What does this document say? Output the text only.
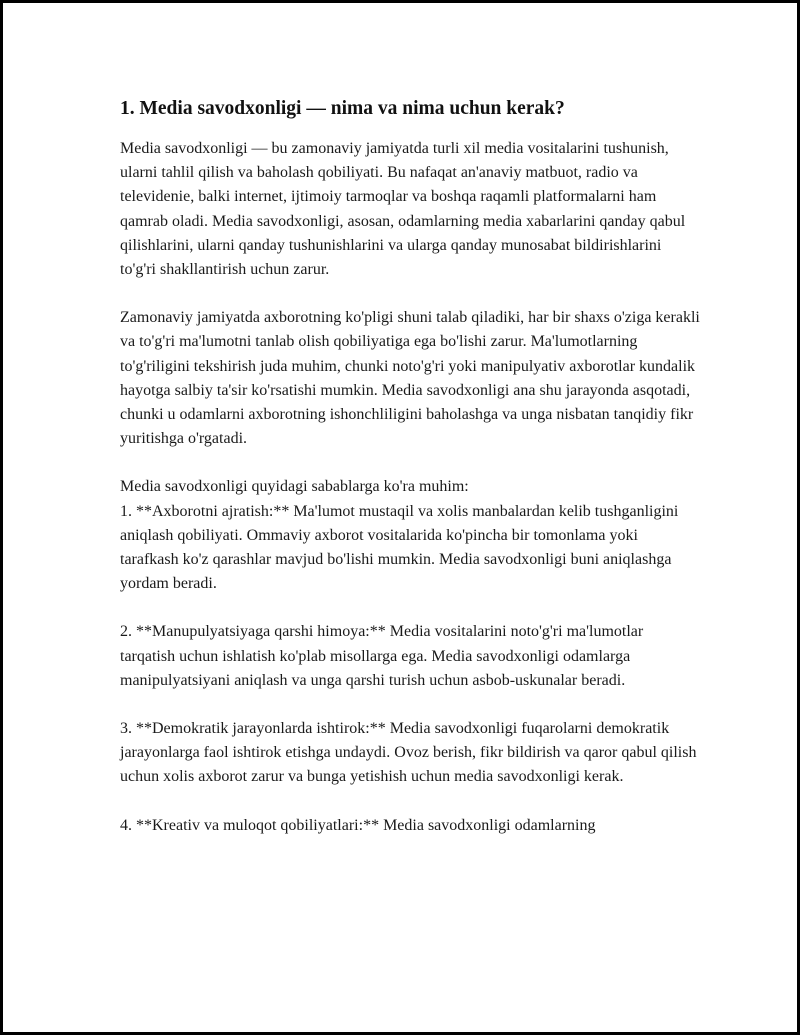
1. Media savodxonligi — nima va nima uchun kerak?

Media savodxonligi — bu zamonaviy jamiyatda turli xil media vositalarini tushunish, ularni tahlil qilish va baholash qobiliyati. Bu nafaqat an'anaviy matbuot, radio va televidenie, balki internet, ijtimoiy tarmoqlar va boshqa raqamli platformalarni ham qamrab oladi. Media savodxonligi, asosan, odamlarning media xabarlarini qanday qabul qilishlarini, ularni qanday tushunishlarini va ularga qanday munosabat bildirishlarini to'g'ri shakllantirish uchun zarur.

Zamonaviy jamiyatda axborotning ko'pligi shuni talab qiladiki, har bir shaxs o'ziga kerakli va to'g'ri ma'lumotni tanlab olish qobiliyatiga ega bo'lishi zarur. Ma'lumotlarning to'g'riligini tekshirish juda muhim, chunki noto'g'ri yoki manipulyativ axborotlar kundalik hayotga salbiy ta'sir ko'rsatishi mumkin. Media savodxonligi ana shu jarayonda asqotadi, chunki u odamlarni axborotning ishonchliligini baholashga va unga nisbatan tanqidiy fikr yuritishga o'rgatadi.

Media savodxonligi quyidagi sabablarga ko'ra muhim:
1. **Axborotni ajratish:** Ma'lumot mustaqil va xolis manbalardan kelib tushganligini aniqlash qobiliyati. Ommaviy axborot vositalarida ko'pincha bir tomonlama yoki tarafkash ko'z qarashlar mavjud bo'lishi mumkin. Media savodxonligi buni aniqlashga yordam beradi.

2. **Manupulyatsiyaga qarshi himoya:** Media vositalarini noto'g'ri ma'lumotlar tarqatish uchun ishlatish ko'plab misollarga ega. Media savodxonligi odamlarga manipulyatsiyani aniqlash va unga qarshi turish uchun asbob-uskunalar beradi.

3. **Demokratik jarayonlarda ishtirok:** Media savodxonligi fuqarolarni demokratik jarayonlarga faol ishtirok etishga undaydi. Ovoz berish, fikr bildirish va qaror qabul qilish uchun xolis axborot zarur va bunga yetishish uchun media savodxonligi kerak.

4. **Kreativ va muloqot qobiliyatlari:** Media savodxonligi odamlarning
